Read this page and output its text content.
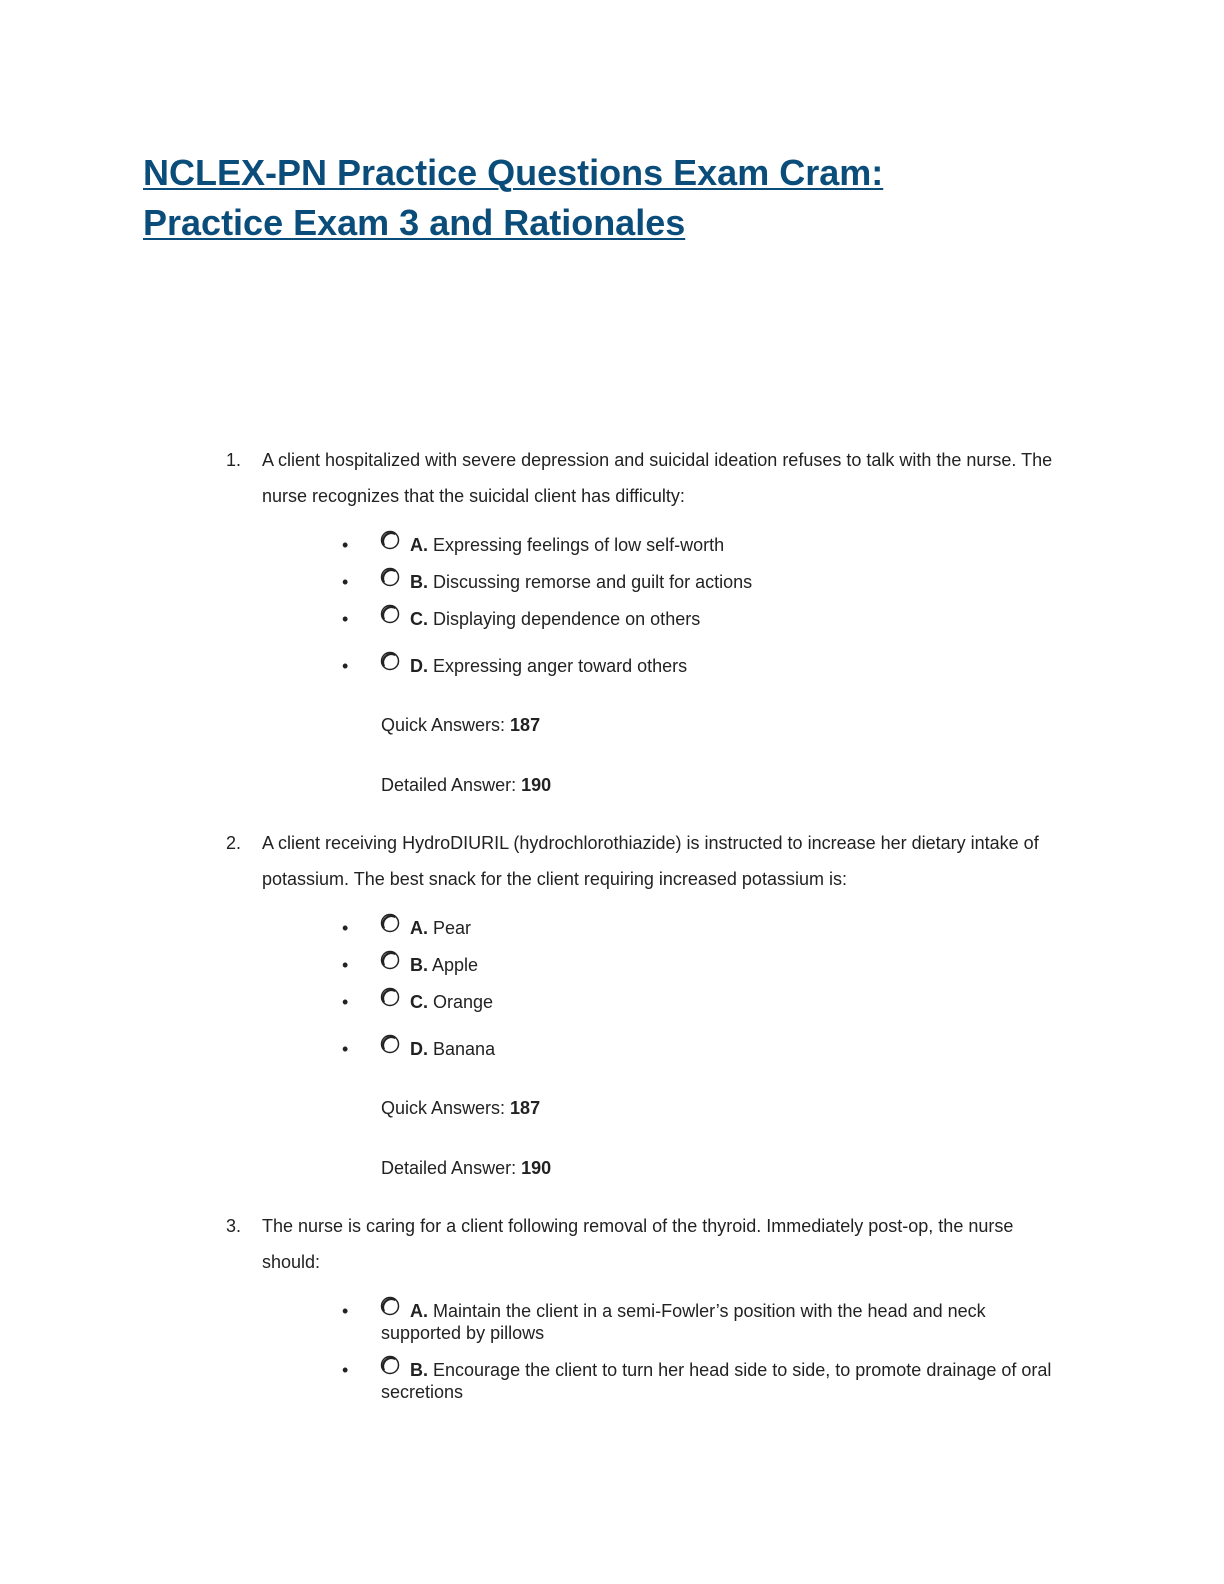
NCLEX-PN Practice Questions Exam Cram:
Practice Exam 3 and Rationales
1. A client hospitalized with severe depression and suicidal ideation refuses to talk with the nurse. The nurse recognizes that the suicidal client has difficulty:
•	A. Expressing feelings of low self-worth
•	B. Discussing remorse and guilt for actions
•	C. Displaying dependence on others
•	D. Expressing anger toward others
Quick Answers: 187
Detailed Answer: 190
2. A client receiving HydroDIURIL (hydrochlorothiazide) is instructed to increase her dietary intake of potassium. The best snack for the client requiring increased potassium is:
•	A. Pear
•	B. Apple
•	C. Orange
•	D. Banana
Quick Answers: 187
Detailed Answer: 190
3. The nurse is caring for a client following removal of the thyroid. Immediately post-op, the nurse should:
•	A. Maintain the client in a semi-Fowler’s position with the head and neck supported by pillows
•	B. Encourage the client to turn her head side to side, to promote drainage of oral secretions
